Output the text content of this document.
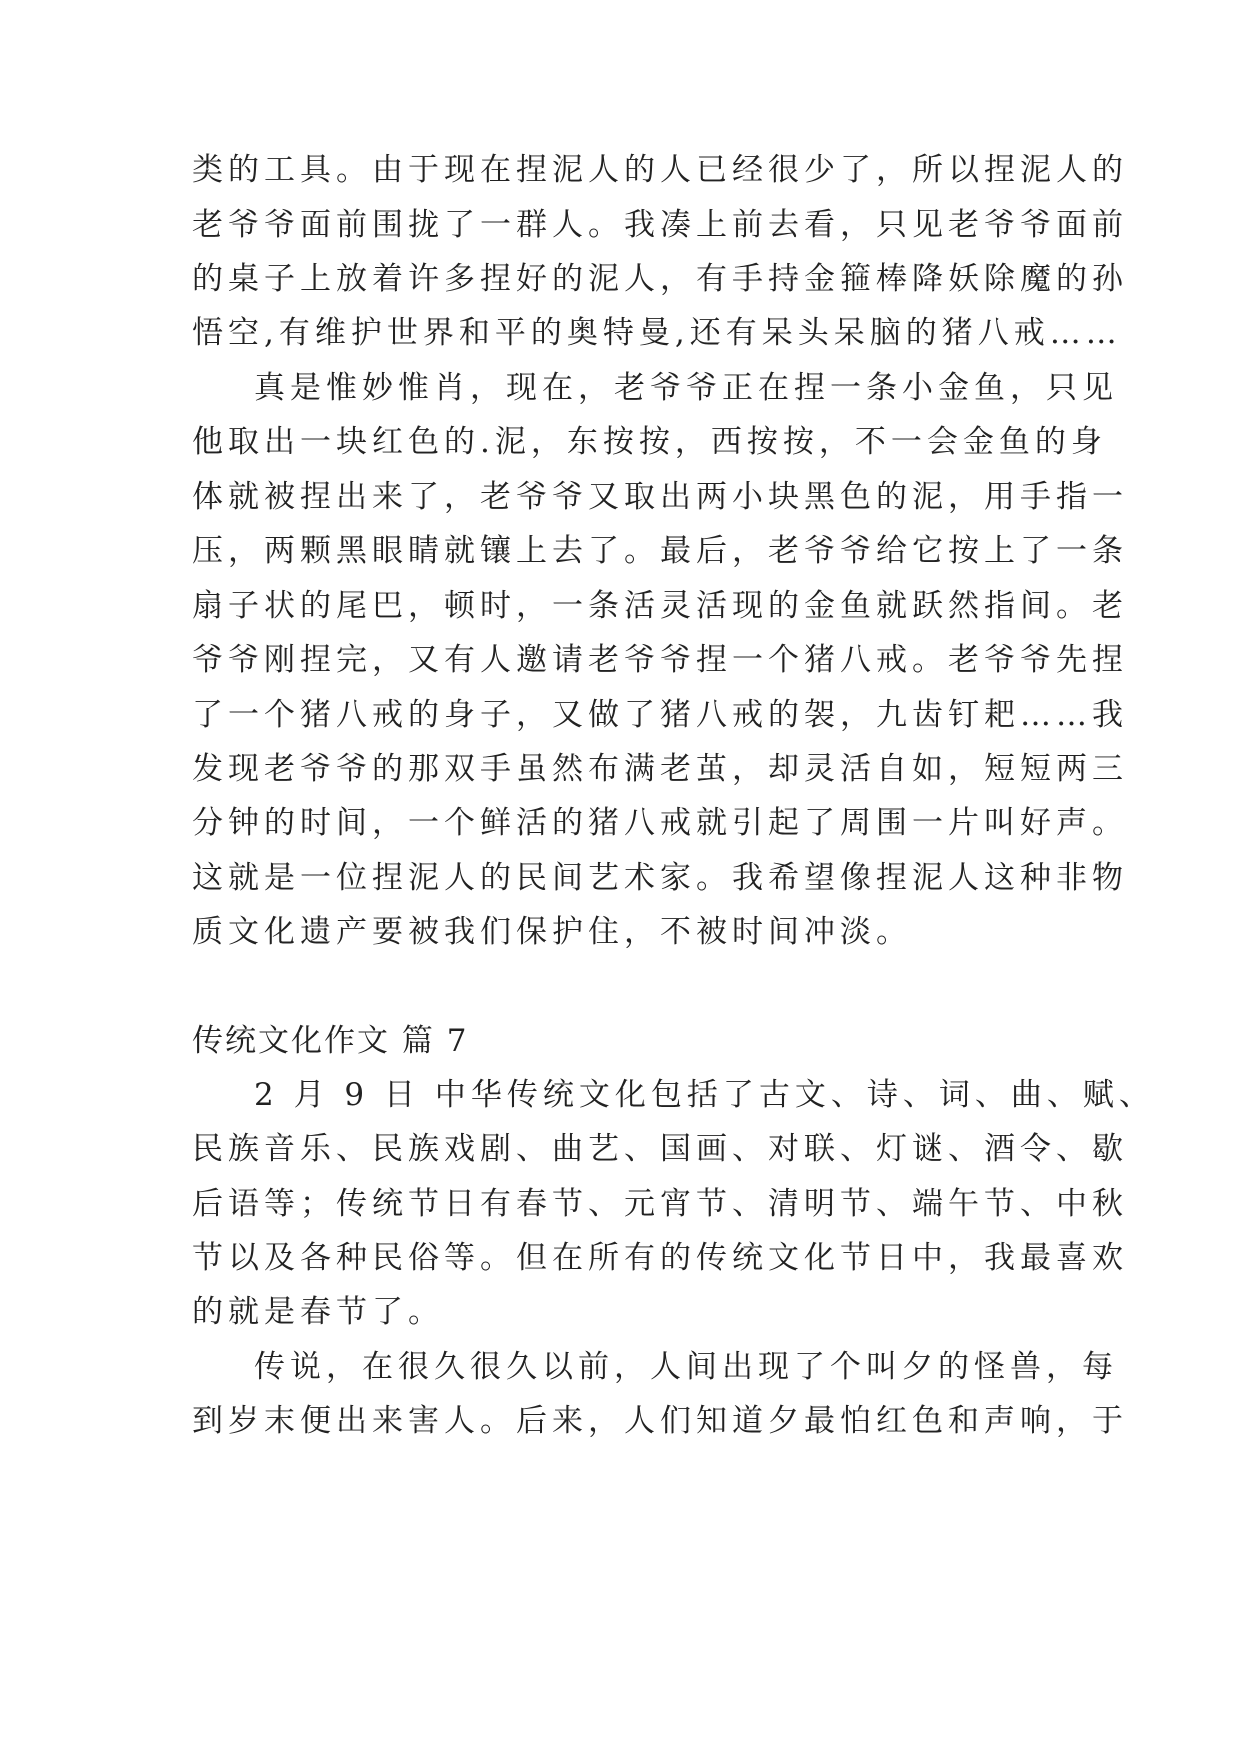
类的工具。由于现在捏泥人的人已经很少了，所以捏泥人的
老爷爷面前围拢了一群人。我凑上前去看，只见老爷爷面前
的桌子上放着许多捏好的泥人，有手持金箍棒降妖除魔的孙
悟空,有维护世界和平的奥特曼,还有呆头呆脑的猪八戒……
真是惟妙惟肖，现在，老爷爷正在捏一条小金鱼，只见
他取出一块红色的.泥，东按按，西按按，不一会金鱼的身
体就被捏出来了，老爷爷又取出两小块黑色的泥，用手指一
压，两颗黑眼睛就镶上去了。最后，老爷爷给它按上了一条
扇子状的尾巴，顿时，一条活灵活现的金鱼就跃然指间。老
爷爷刚捏完，又有人邀请老爷爷捏一个猪八戒。老爷爷先捏
了一个猪八戒的身子，又做了猪八戒的袈，九齿钉耙……我
发现老爷爷的那双手虽然布满老茧，却灵活自如，短短两三
分钟的时间，一个鲜活的猪八戒就引起了周围一片叫好声。
这就是一位捏泥人的民间艺术家。我希望像捏泥人这种非物
质文化遗产要被我们保护住，不被时间冲淡。
传统文化作文 篇 7
2 月 9 日 中华传统文化包括了古文、诗、词、曲、赋、
民族音乐、民族戏剧、曲艺、国画、对联、灯谜、酒令、歇
后语等；传统节日有春节、元宵节、清明节、端午节、中秋
节以及各种民俗等。但在所有的传统文化节日中，我最喜欢
的就是春节了。
传说，在很久很久以前，人间出现了个叫夕的怪兽，每
到岁末便出来害人。后来，人们知道夕最怕红色和声响，于
